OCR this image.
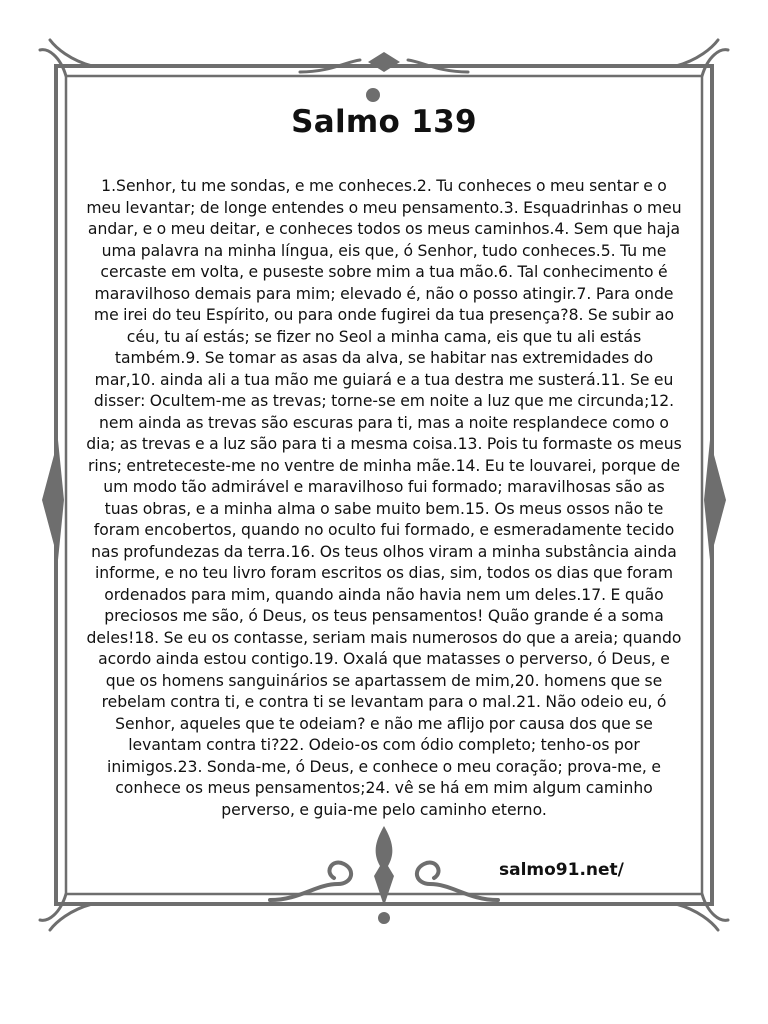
Salmo 139

1.Senhor, tu me sondas, e me conheces.2. Tu conheces o meu sentar e o meu levantar; de longe entendes o meu pensamento.3. Esquadrinhas o meu andar, e o meu deitar, e conheces todos os meus caminhos.4. Sem que haja uma palavra na minha língua, eis que, ó Senhor, tudo conheces.5. Tu me cercaste em volta, e puseste sobre mim a tua mão.6. Tal conhecimento é maravilhoso demais para mim; elevado é, não o posso atingir.7. Para onde me irei do teu Espírito, ou para onde fugirei da tua presença?8. Se subir ao céu, tu aí estás; se fizer no Seol a minha cama, eis que tu ali estás também.9. Se tomar as asas da alva, se habitar nas extremidades do mar,10. ainda ali a tua mão me guiará e a tua destra me susterá.11. Se eu disser: Ocultem-me as trevas; torne-se em noite a luz que me circunda;12. nem ainda as trevas são escuras para ti, mas a noite resplandece como o dia; as trevas e a luz são para ti a mesma coisa.13. Pois tu formaste os meus rins; entreteceste-me no ventre de minha mãe.14. Eu te louvarei, porque de um modo tão admirável e maravilhoso fui formado; maravilhosas são as tuas obras, e a minha alma o sabe muito bem.15. Os meus ossos não te foram encobertos, quando no oculto fui formado, e esmeradamente tecido nas profundezas da terra.16. Os teus olhos viram a minha substância ainda informe, e no teu livro foram escritos os dias, sim, todos os dias que foram ordenados para mim, quando ainda não havia nem um deles.17. E quão preciosos me são, ó Deus, os teus pensamentos! Quão grande é a soma deles!18. Se eu os contasse, seriam mais numerosos do que a areia; quando acordo ainda estou contigo.19. Oxalá que matasses o perverso, ó Deus, e que os homens sanguinários se apartassem de mim,20. homens que se rebelam contra ti, e contra ti se levantam para o mal.21. Não odeio eu, ó Senhor, aqueles que te odeiam? e não me aflijo por causa dos que se levantam contra ti?22. Odeio-os com ódio completo; tenho-os por inimigos.23. Sonda-me, ó Deus, e conhece o meu coração; prova-me, e conhece os meus pensamentos;24. vê se há em mim algum caminho perverso, e guia-me pelo caminho eterno.

salmo91.net/
